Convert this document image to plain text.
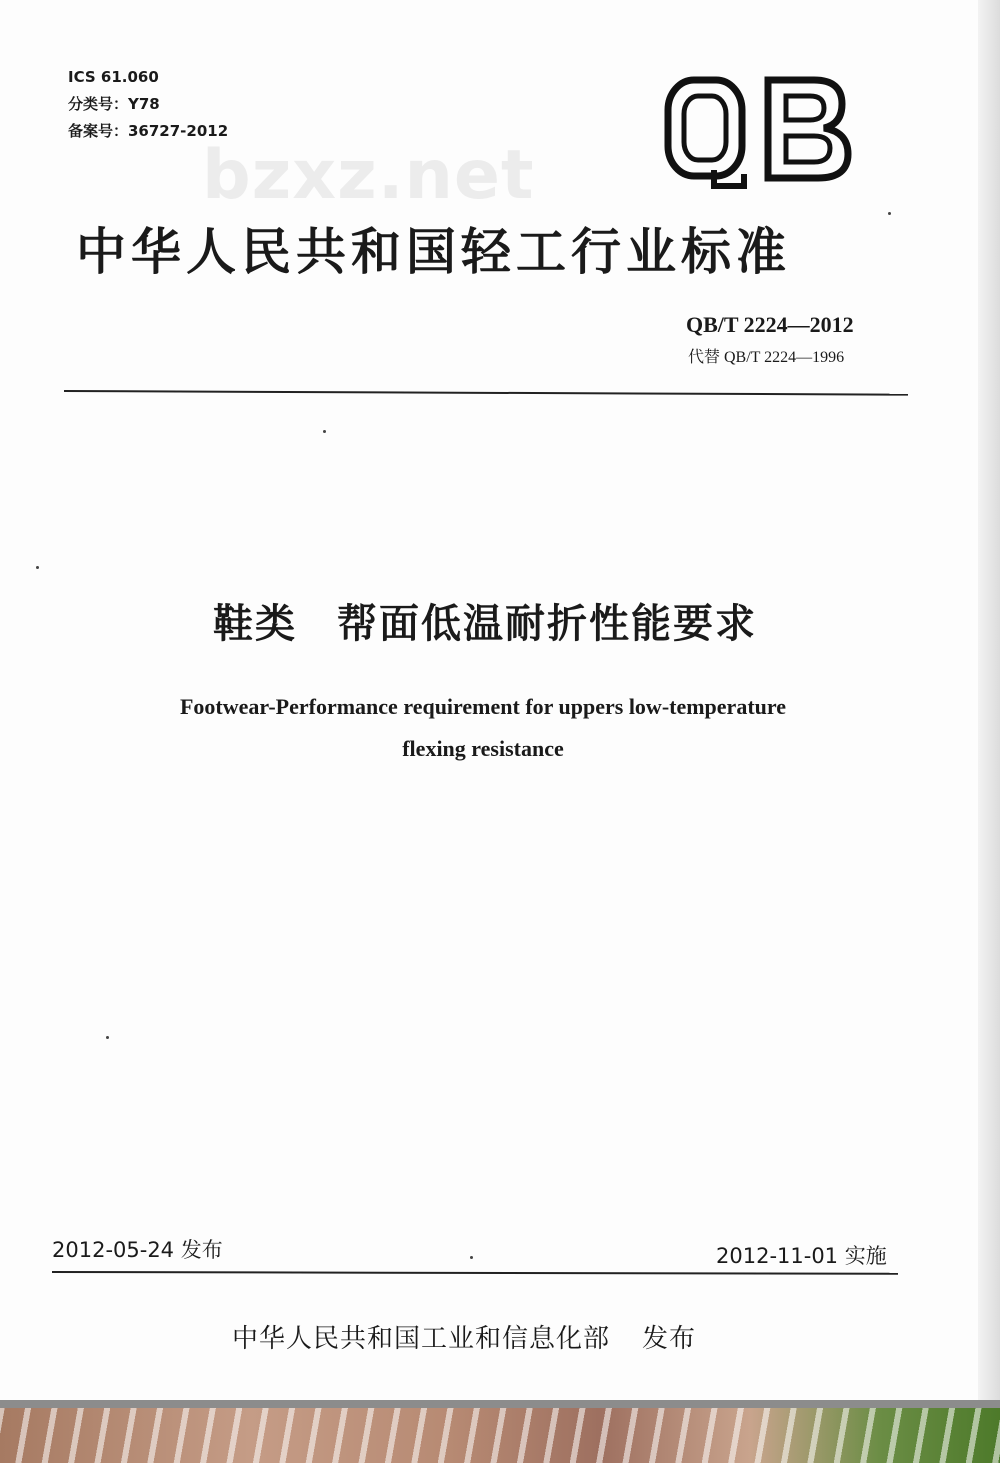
ICS 61.060
分类号：Y78
备案号：36727-2012
bzxz.net
中华人民共和国轻工行业标准
QB/T 2224—2012
代替 QB/T 2224—1996
鞋类 帮面低温耐折性能要求
Footwear-Performance requirement for uppers low-temperature
flexing resistance
2012-05-24 发布	2012-11-01 实施
中华人民共和国工业和信息化部 发布
